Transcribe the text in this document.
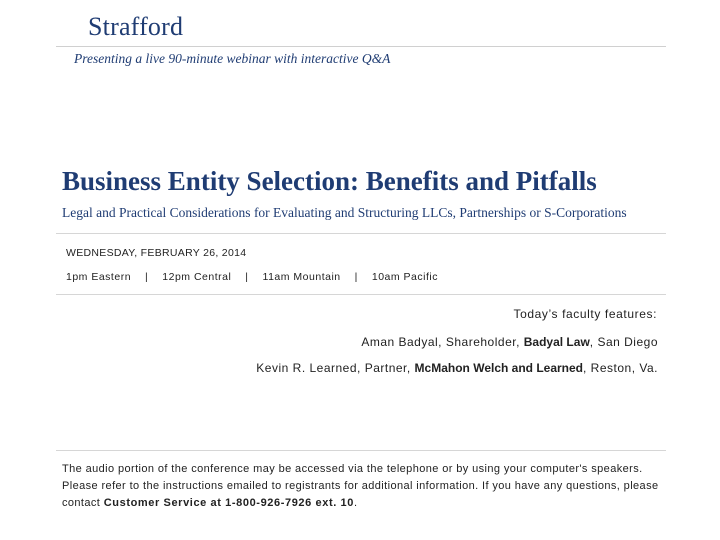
Strafford
Presenting a live 90-minute webinar with interactive Q&A
Business Entity Selection: Benefits and Pitfalls
Legal and Practical Considerations for Evaluating and Structuring LLCs, Partnerships or S-Corporations
WEDNESDAY, FEBRUARY 26, 2014
1pm Eastern	|	12pm Central	|	11am Mountain	|	10am Pacific
Today’s faculty features:
Aman Badyal, Shareholder, Badyal Law, San Diego
Kevin R. Learned, Partner, McMahon Welch and Learned, Reston, Va.
The audio portion of the conference may be accessed via the telephone or by using your computer's speakers. Please refer to the instructions emailed to registrants for additional information. If you have any questions, please contact Customer Service at 1-800-926-7926 ext. 10.
